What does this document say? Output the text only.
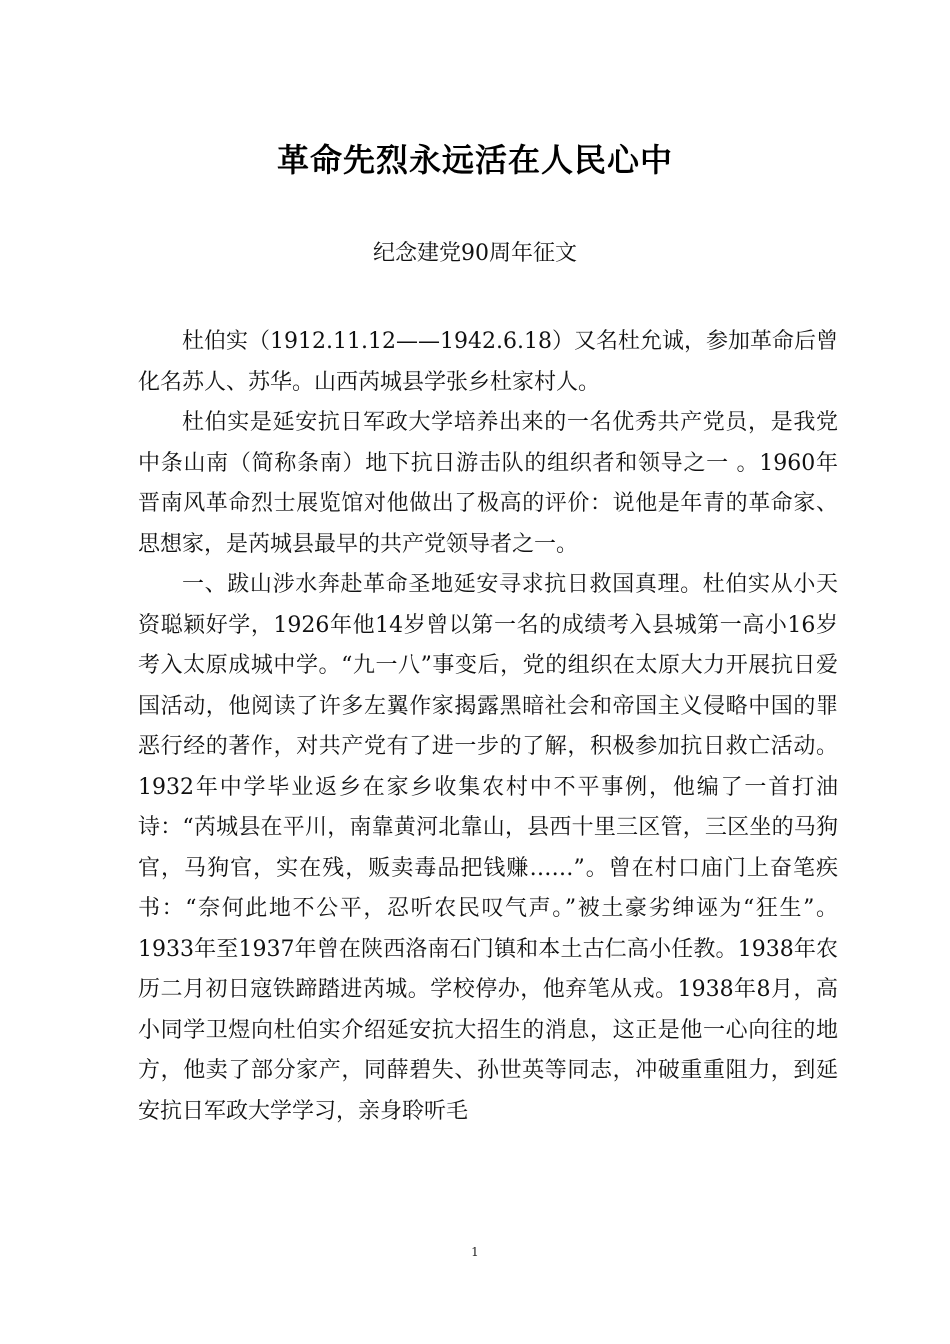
革命先烈永远活在人民心中
纪念建党90周年征文

杜伯实（1912.11.12——1942.6.18）又名杜允诚，参加革命后曾化名苏人、苏华。山西芮城县学张乡杜家村人。

杜伯实是延安抗日军政大学培养出来的一名优秀共产党员，是我党中条山南（简称条南）地下抗日游击队的组织者和领导之一 。1960年晋南风革命烈士展览馆对他做出了极高的评价：说他是年青的革命家、思想家，是芮城县最早的共产党领导者之一。

一、跋山涉水奔赴革命圣地延安寻求抗日救国真理。杜伯实从小天资聪颖好学，1926年他14岁曾以第一名的成绩考入县城第一高小16岁考入太原成城中学。“九一八”事变后，党的组织在太原大力开展抗日爱国活动，他阅读了许多左翼作家揭露黑暗社会和帝国主义侵略中国的罪恶行经的著作，对共产党有了进一步的了解，积极参加抗日救亡活动。1932年中学毕业返乡在家乡收集农村中不平事例，他编了一首打油诗：“芮城县在平川，南靠黄河北靠山，县西十里三区管，三区坐的马狗官，马狗官，实在残，贩卖毒品把钱赚……”。曾在村口庙门上奋笔疾书：“奈何此地不公平，忍听农民叹气声。”被土豪劣绅诬为“狂生”。1933年至1937年曾在陕西洛南石门镇和本土古仁高小任教。1938年农历二月初日寇铁蹄踏进芮城。学校停办，他弃笔从戎。1938年8月，高小同学卫煜向杜伯实介绍延安抗大招生的消息，这正是他一心向往的地方，他卖了部分家产，同薛碧失、孙世英等同志，冲破重重阻力，到延安抗日军政大学学习，亲身聆听毛

1
